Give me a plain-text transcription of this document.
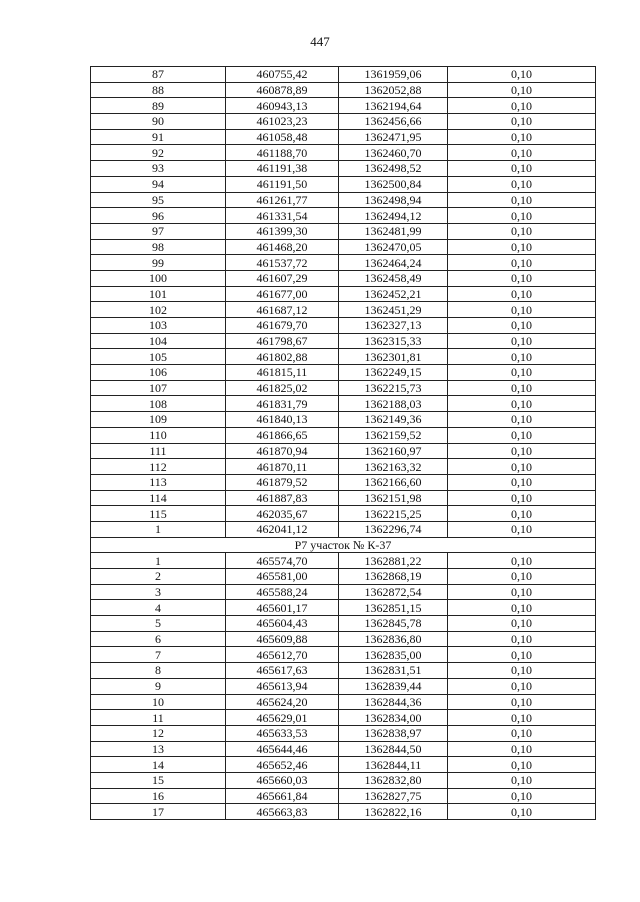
447
87	460755,42	1361959,06	0,10
88	460878,89	1362052,88	0,10
89	460943,13	1362194,64	0,10
90	461023,23	1362456,66	0,10
91	461058,48	1362471,95	0,10
92	461188,70	1362460,70	0,10
93	461191,38	1362498,52	0,10
94	461191,50	1362500,84	0,10
95	461261,77	1362498,94	0,10
96	461331,54	1362494,12	0,10
97	461399,30	1362481,99	0,10
98	461468,20	1362470,05	0,10
99	461537,72	1362464,24	0,10
100	461607,29	1362458,49	0,10
101	461677,00	1362452,21	0,10
102	461687,12	1362451,29	0,10
103	461679,70	1362327,13	0,10
104	461798,67	1362315,33	0,10
105	461802,88	1362301,81	0,10
106	461815,11	1362249,15	0,10
107	461825,02	1362215,73	0,10
108	461831,79	1362188,03	0,10
109	461840,13	1362149,36	0,10
110	461866,65	1362159,52	0,10
111	461870,94	1362160,97	0,10
112	461870,11	1362163,32	0,10
113	461879,52	1362166,60	0,10
114	461887,83	1362151,98	0,10
115	462035,67	1362215,25	0,10
1	462041,12	1362296,74	0,10
Р7 участок № К-37			
1	465574,70	1362881,22	0,10
2	465581,00	1362868,19	0,10
3	465588,24	1362872,54	0,10
4	465601,17	1362851,15	0,10
5	465604,43	1362845,78	0,10
6	465609,88	1362836,80	0,10
7	465612,70	1362835,00	0,10
8	465617,63	1362831,51	0,10
9	465613,94	1362839,44	0,10
10	465624,20	1362844,36	0,10
11	465629,01	1362834,00	0,10
12	465633,53	1362838,97	0,10
13	465644,46	1362844,50	0,10
14	465652,46	1362844,11	0,10
15	465660,03	1362832,80	0,10
16	465661,84	1362827,75	0,10
17	465663,83	1362822,16	0,10
